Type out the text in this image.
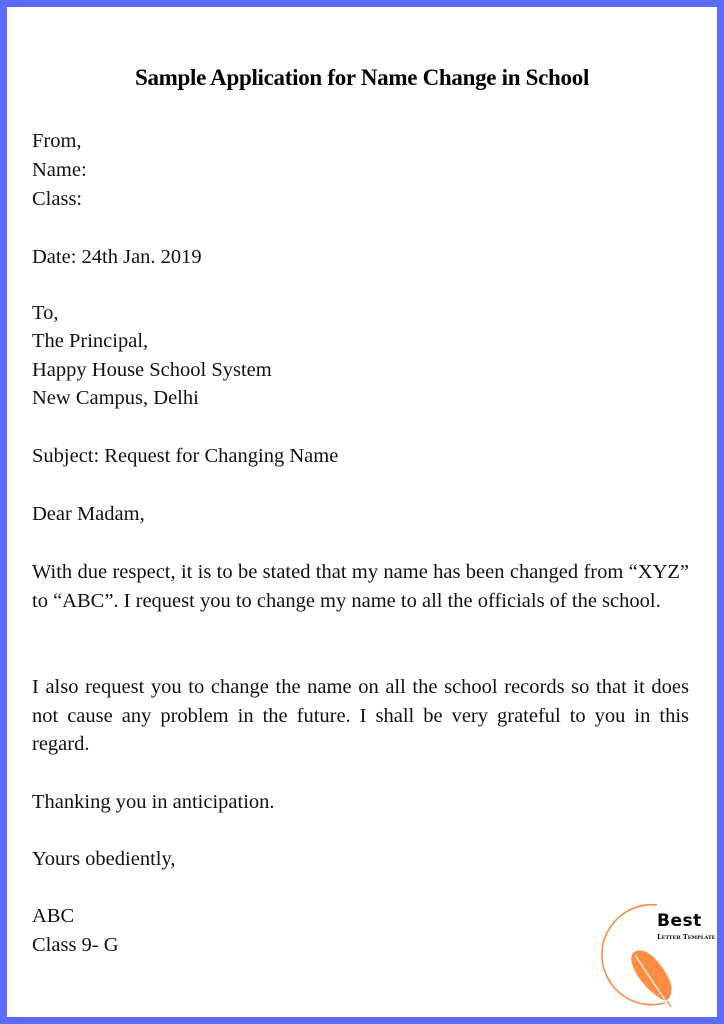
Sample Application for Name Change in School
From,
Name:
Class:
Date: 24th Jan. 2019
To,
The Principal,
Happy House School System
New Campus, Delhi
Subject: Request for Changing Name
Dear Madam,
With due respect, it is to be stated that my name has been changed from “XYZ” to “ABC”. I request you to change my name to all the officials of the school.
I also request you to change the name on all the school records so that it does not cause any problem in the future. I shall be very grateful to you in this regard.
Thanking you in anticipation.
Yours obediently,
ABC
Class 9- G
Best
Letter Template
